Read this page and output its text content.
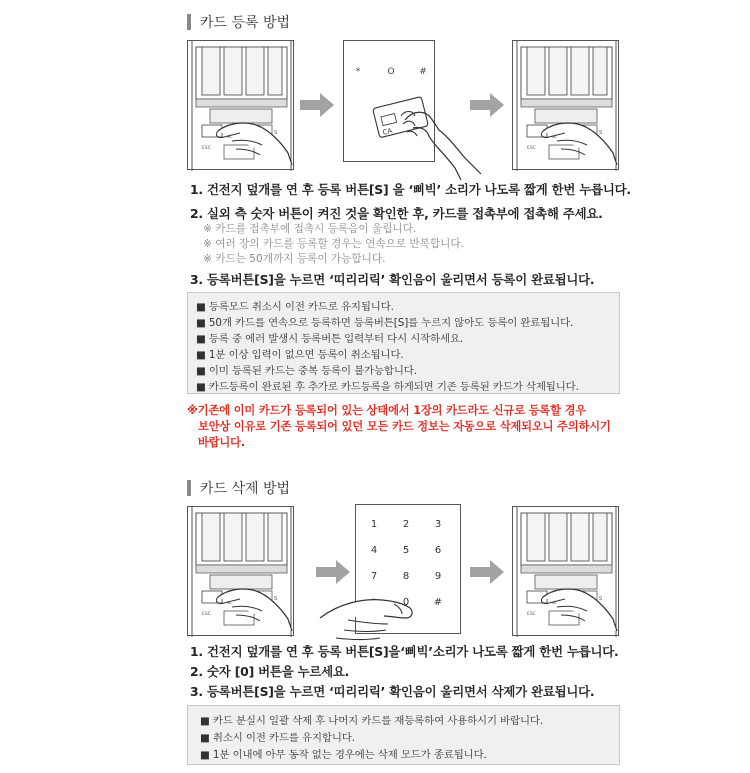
카드 등록 방법
S
ESC
*	O	#
CA	S
ESC
1. 건전지 덮개를 연 후 등록 버튼[S] 을 ‘삐빅’ 소리가 나도록 짧게 한번 누릅니다.
2. 실외 측 숫자 버튼이 켜진 것을 확인한 후, 카드를 접촉부에 접촉해 주세요.
※ 카드를 접촉부에 접촉시 등록음이 울립니다.
※ 여러 장의 카드를 등록할 경우는 연속으로 반복합니다.
※ 카드는 50개까지 등록이 가능합니다.
3. 등록버튼[S]을 누르면 ‘띠리리릭’ 확인음이 울리면서 등록이 완료됩니다.
■ 등록모드 취소시 이전 카드로 유지됩니다.
■ 50개 카드를 연속으로 등록하면 등록버튼[S]를 누르지 않아도 등록이 완료됩니다.
■ 등록 중 에러 발생시 등록버튼 입력부터 다시 시작하세요.
■ 1분 이상 입력이 없으면 등록이 취소됩니다.
■ 이미 등록된 카드는 중복 등록이 불가능합니다.
■ 카드등록이 완료된 후 추가로 카드등록을 하게되면 기존 등록된 카드가 삭제됩니다.
※기존에 이미 카드가 등록되어 있는 상태에서 1장의 카드라도 신규로 등록할 경우
보안상 이유로 기존 등록되어 있던 모든 카드 정보는 자동으로 삭제되오니 주의하시기
바랍니다.
카드 삭제 방법
S
ESC
1	2	3
4	5	6
7	8	9
0 #	S
ESC
1. 건전지 덮개를 연 후 등록 버튼[S]을‘삐빅’소리가 나도록 짧게 한번 누릅니다.
2. 숫자 [0] 버튼을 누르세요.
3. 등록버튼[S]을 누르면 ‘띠리리릭’ 확인음이 울리면서 삭제가 완료됩니다.
■ 카드 분실시 일괄 삭제 후 나머지 카드를 재등록하여 사용하시기 바랍니다.
■ 취소시 이전 카드를 유지합니다.
■ 1분 이내에 아무 동작 없는 경우에는 삭제 모드가 종료됩니다.
